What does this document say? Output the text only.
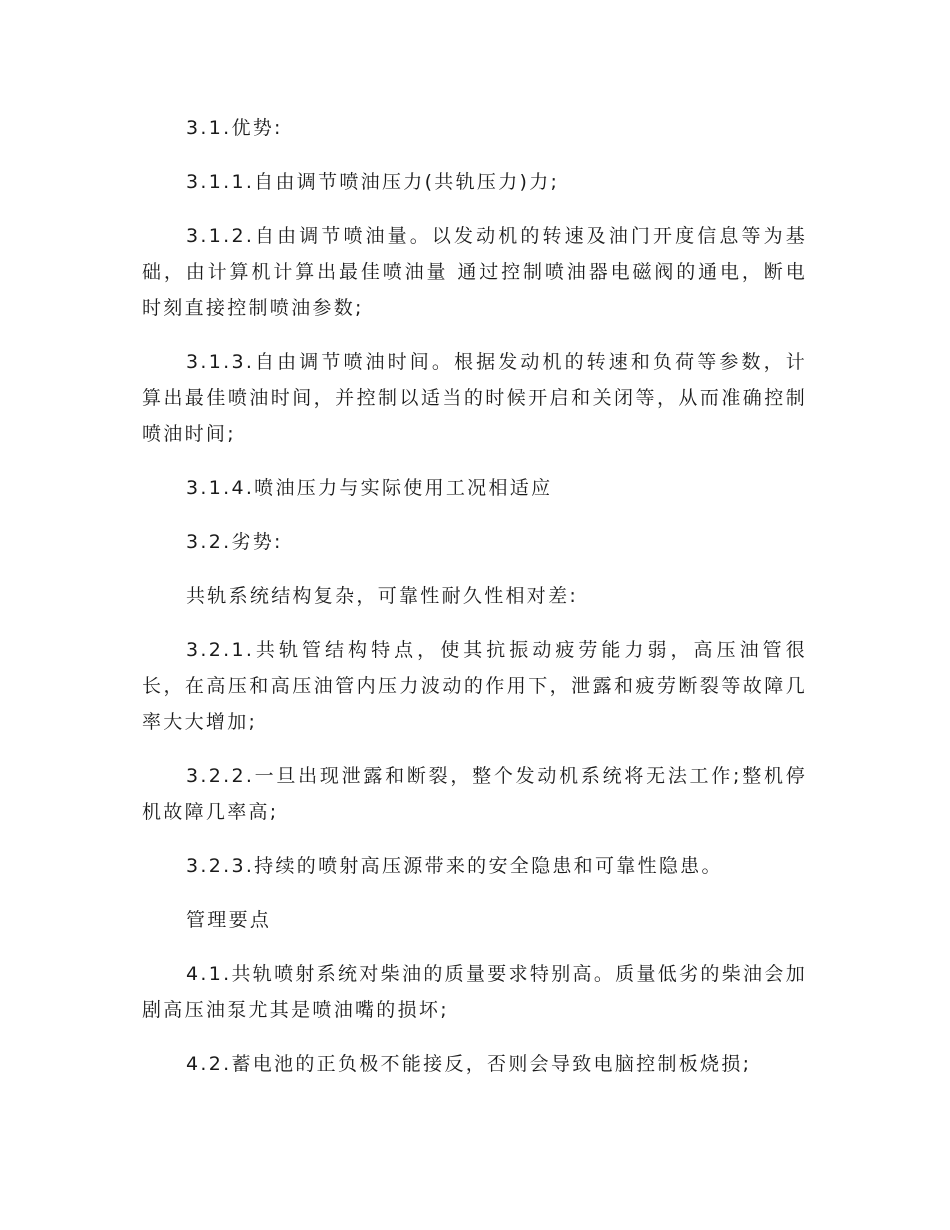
3.1.优势:

3.1.1.自由调节喷油压力(共轨压力)力;

3.1.2.自由调节喷油量。以发动机的转速及油门开度信息等为基础，由计算机计算出最佳喷油量 通过控制喷油器电磁阀的通电，断电时刻直接控制喷油参数;

3.1.3.自由调节喷油时间。根据发动机的转速和负荷等参数，计算出最佳喷油时间，并控制以适当的时候开启和关闭等，从而准确控制喷油时间;

3.1.4.喷油压力与实际使用工况相适应

3.2.劣势:

共轨系统结构复杂，可靠性耐久性相对差:

3.2.1.共轨管结构特点，使其抗振动疲劳能力弱，高压油管很长，在高压和高压油管内压力波动的作用下，泄露和疲劳断裂等故障几率大大增加;

3.2.2.一旦出现泄露和断裂，整个发动机系统将无法工作;整机停机故障几率高;

3.2.3.持续的喷射高压源带来的安全隐患和可靠性隐患。

管理要点

4.1.共轨喷射系统对柴油的质量要求特别高。质量低劣的柴油会加剧高压油泵尤其是喷油嘴的损坏;

4.2.蓄电池的正负极不能接反，否则会导致电脑控制板烧损;
